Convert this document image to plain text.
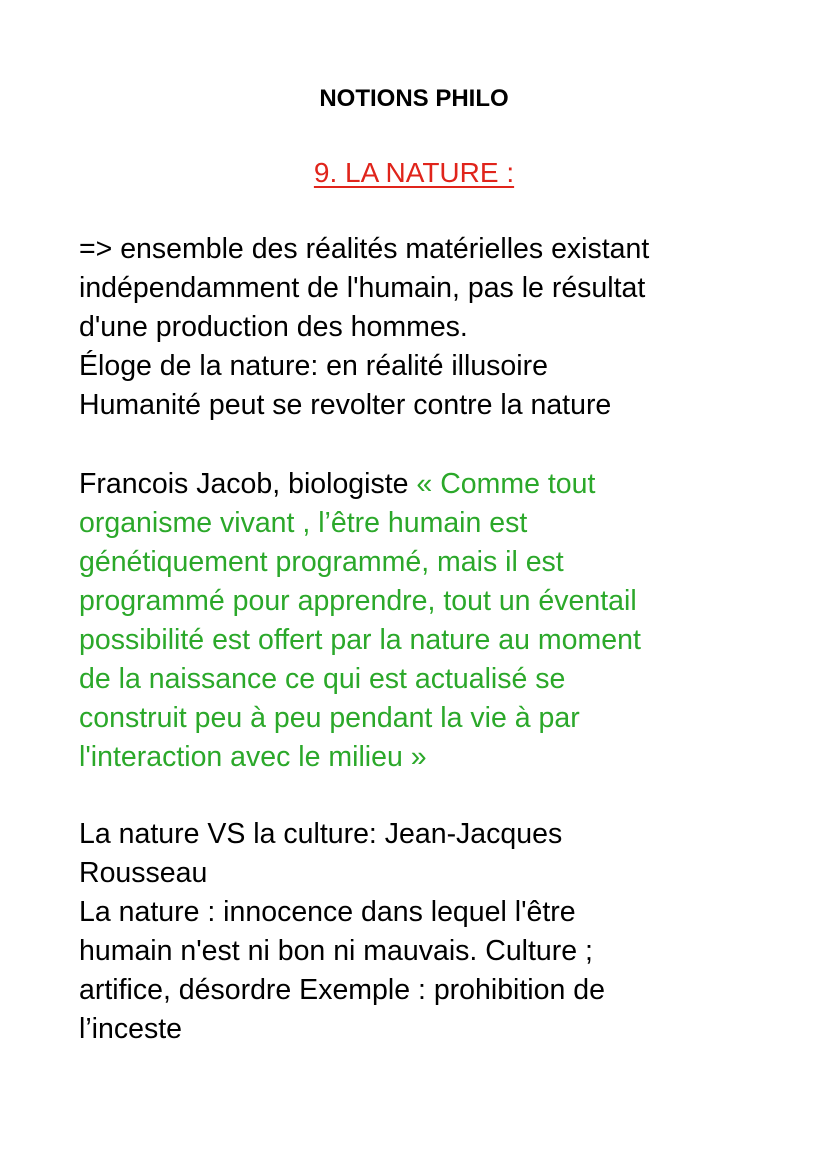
NOTIONS PHILO
9. LA NATURE :
=> ensemble des réalités matérielles existant
indépendamment de l'humain, pas le résultat
d'une production des hommes.
Éloge de la nature: en réalité illusoire
Humanité peut se revolter contre la nature
Francois Jacob, biologiste « Comme tout
organisme vivant , l’être humain est
génétiquement programmé, mais il est
programmé pour apprendre, tout un éventail
possibilité est offert par la nature au moment
de la naissance ce qui est actualisé se
construit peu à peu pendant la vie à par
l'interaction avec le milieu »
La nature VS la culture: Jean-Jacques
Rousseau
La nature : innocence dans lequel l'être
humain n'est ni bon ni mauvais. Culture ;
artifice, désordre Exemple : prohibition de
l’inceste
